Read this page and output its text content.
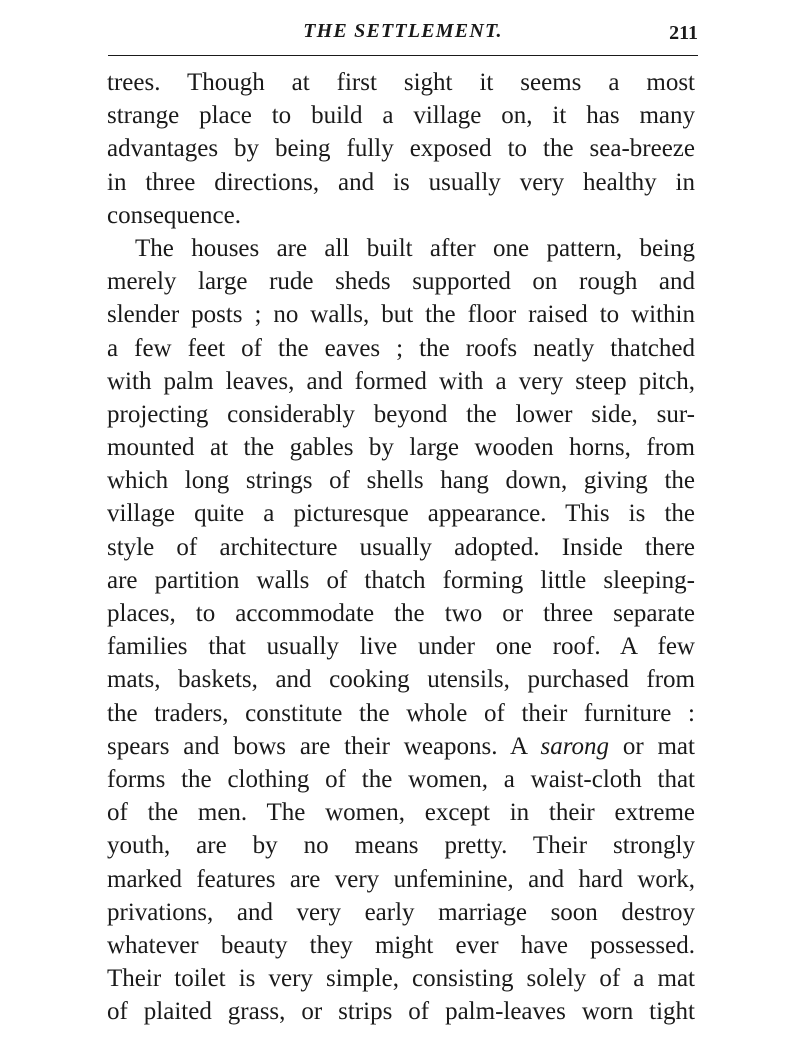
THE SETTLEMENT.	211
trees. Though at first sight it seems a most
strange place to build a village on, it has many
advantages by being fully exposed to the sea-breeze
in three directions, and is usually very healthy in
consequence.
The houses are all built after one pattern, being
merely large rude sheds supported on rough and
slender posts ; no walls, but the floor raised to within
a few feet of the eaves ; the roofs neatly thatched
with palm leaves, and formed with a very steep pitch,
projecting considerably beyond the lower side, sur-
mounted at the gables by large wooden horns, from
which long strings of shells hang down, giving the
village quite a picturesque appearance. This is the
style of architecture usually adopted. Inside there
are partition walls of thatch forming little sleeping-
places, to accommodate the two or three separate
families that usually live under one roof. A few
mats, baskets, and cooking utensils, purchased from
the traders, constitute the whole of their furniture :
spears and bows are their weapons. A sarong or mat
forms the clothing of the women, a waist-cloth that
of the men. The women, except in their extreme
youth, are by no means pretty. Their strongly
marked features are very unfeminine, and hard work,
privations, and very early marriage soon destroy
whatever beauty they might ever have possessed.
Their toilet is very simple, consisting solely of a mat
of plaited grass, or strips of palm-leaves worn tight
